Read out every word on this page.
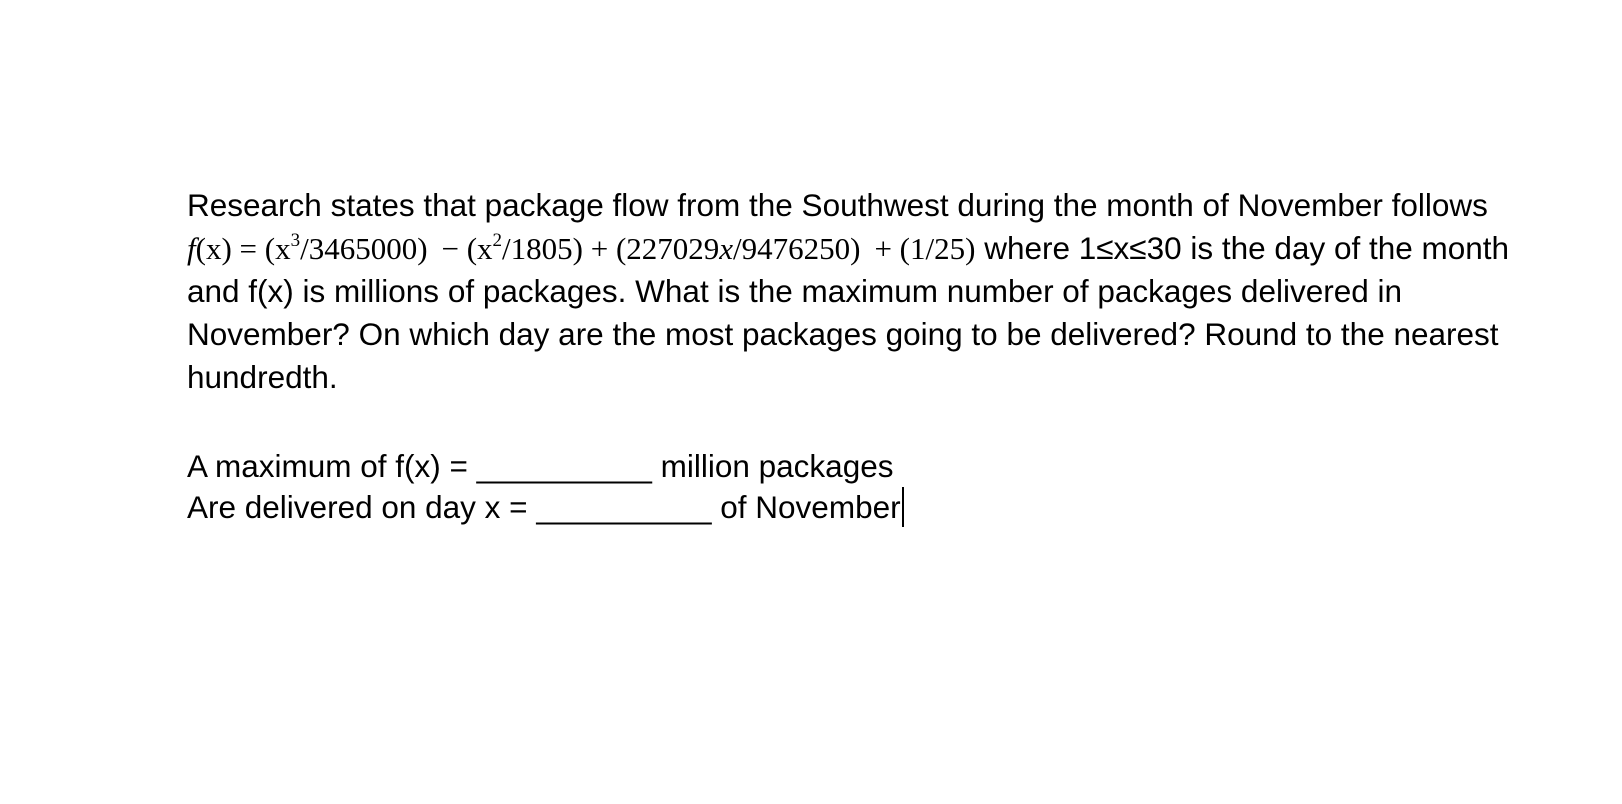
Research states that package flow from the Southwest during the month of November follows
$f(x) = (x^3/3465000) - (x^2/1805) + (227029x/9476250) + (1/25)$ where 1≤x≤30 is the day of the month and f(x) is millions of packages. What is the maximum number of packages delivered in November? On which day are the most packages going to be delivered? Round to the nearest hundredth.

A maximum of f(x) = __________ million packages
Are delivered on day x = __________ of November
